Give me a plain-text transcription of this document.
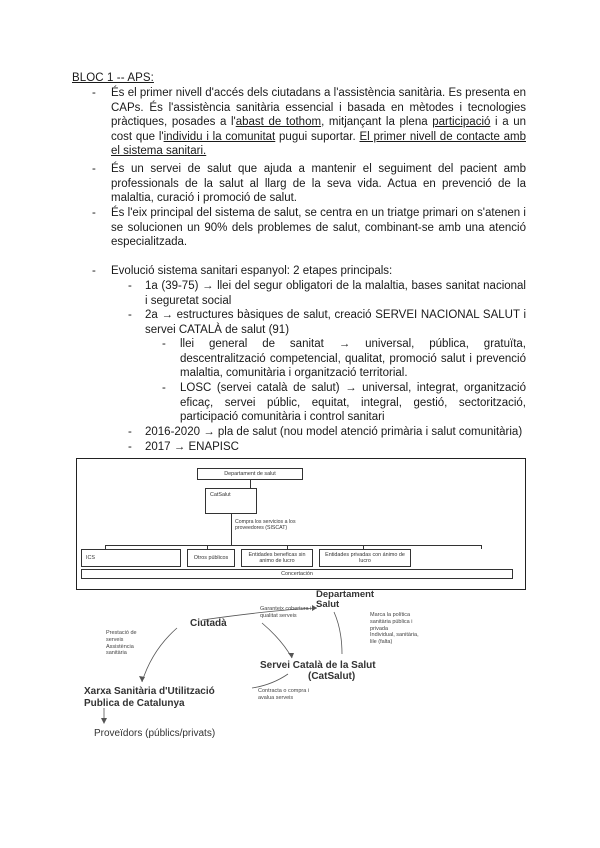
BLOC 1 -- APS:
- És el primer nivell d'accés dels ciutadans a l'assistència sanitària. Es presenta en CAPs. És l'assistència sanitària essencial i basada en mètodes i tecnologies pràctiques, posades a l'abast de tothom, mitjançant la plena participació i a un cost que l'individu i la comunitat pugui suportar. El primer nivell de contacte amb el sistema sanitari.
- És un servei de salut que ajuda a mantenir el seguiment del pacient amb professionals de la salut al llarg de la seva vida. Actua en prevenció de la malaltia, curació i promoció de salut.
- És l'eix principal del sistema de salut, se centra en un triatge primari on s'atenen i se solucionen un 90% dels problemes de salut, combinant-se amb una atenció especialitzada.
- Evolució sistema sanitari espanyol: 2 etapes principals:
- 1a (39-75) → llei del segur obligatori de la malaltia, bases sanitat nacional i seguretat social
- 2a → estructures bàsiques de salut, creació SERVEI NACIONAL SALUT i servei CATALÀ de salut (91)
- llei general de sanitat → universal, pública, gratuïta, descentralització competencial, qualitat, promoció salut i prevenció malaltia, comunitària i organització territorial.
- LOSC (servei català de salut) → universal, integrat, organització eficaç, servei públic, equitat, integral, gestió, sectorització, participació comunitària i control sanitari
- 2016-2020 → pla de salut (nou model atenció primària i salut comunitària)
- 2017 → ENAPISC
Departament de salut
CatSalut
Compra los servicios a los proveedores (SISCAT)
ICS	Otros públicos
Entidades beneficas sin animo de lucro
Entidades privadas con ánimo de lucro
Concertación
Departament Salut
Marca la política sanitària pública i privada
Individual, sanitària, lile (falta)
Ciutadà
Garanteix cobertura i qualitat serveis
Prestació de serveis Assistència sanitària
Servei Català de la Salut
(CatSalut)
Xarxa Sanitària d'Utilització Publica de Catalunya
Contracta o compra i avalua serveis
Proveïdors (públics/privats)
